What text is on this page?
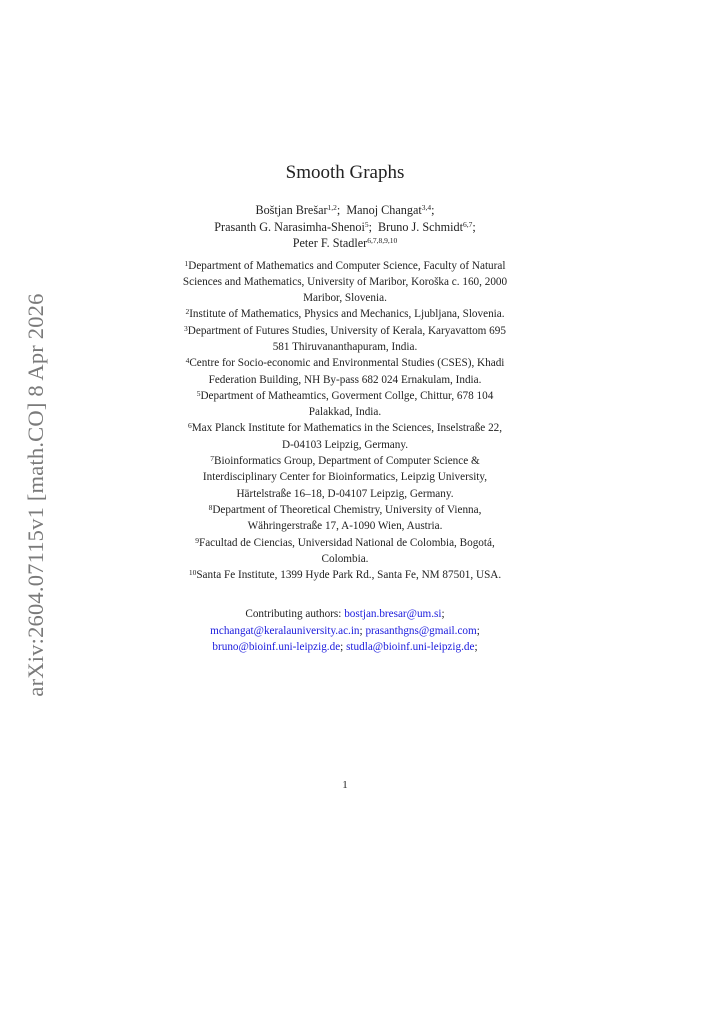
arXiv:2604.07115v1 [math.CO] 8 Apr 2026
Smooth Graphs
Boštjan Brešar$^{1,2}$; Manoj Changat$^{3,4}$;
Prasanth G. Narasimha-Shenoi$^5$; Bruno J. Schmidt$^{6,7}$;
Peter F. Stadler$^{6,7,8,9,10}$
$^1$Department of Mathematics and Computer Science, Faculty of Natural
Sciences and Mathematics, University of Maribor, Koroška c. 160, 2000
Maribor, Slovenia.
$^2$Institute of Mathematics, Physics and Mechanics, Ljubljana, Slovenia.
$^3$Department of Futures Studies, University of Kerala, Karyavattom 695
581 Thiruvananthapuram, India.
$^4$Centre for Socio-economic and Environmental Studies (CSES), Khadi
Federation Building, NH By-pass 682 024 Ernakulam, India.
$^5$Department of Matheamtics, Goverment Collge, Chittur, 678 104
Palakkad, India.
$^6$Max Planck Institute for Mathematics in the Sciences, Inselstraße 22,
D-04103 Leipzig, Germany.
$^7$Bioinformatics Group, Department of Computer Science &
Interdisciplinary Center for Bioinformatics, Leipzig University,
Härtelstraße 16–18, D-04107 Leipzig, Germany.
$^8$Department of Theoretical Chemistry, University of Vienna,
Währingerstraße 17, A-1090 Wien, Austria.
$^9$Facultad de Ciencias, Universidad National de Colombia, Bogotá,
Colombia.
$^{10}$Santa Fe Institute, 1399 Hyde Park Rd., Santa Fe, NM 87501, USA.
Contributing authors: bostjan.bresar@um.si;
mchangat@keralauniversity.ac.in; prasanthgns@gmail.com;
bruno@bioinf.uni-leipzig.de; studla@bioinf.uni-leipzig.de;
1
